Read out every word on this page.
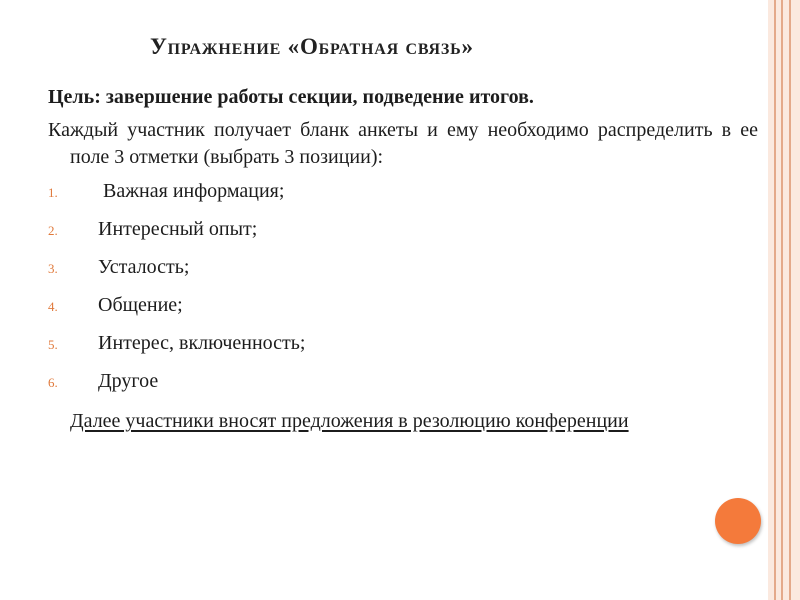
Упражнение «Обратная связь»
Цель: завершение работы секции, подведение итогов.
Каждый участник получает бланк анкеты и ему необходимо распределить в ее поле 3 отметки (выбрать 3 позиции):
1.	Важная информация;
2.	Интересный опыт;
3.	Усталость;
4.	Общение;
5.	Интерес, включенность;
6.	Другое
Далее участники вносят предложения в резолюцию конференции
